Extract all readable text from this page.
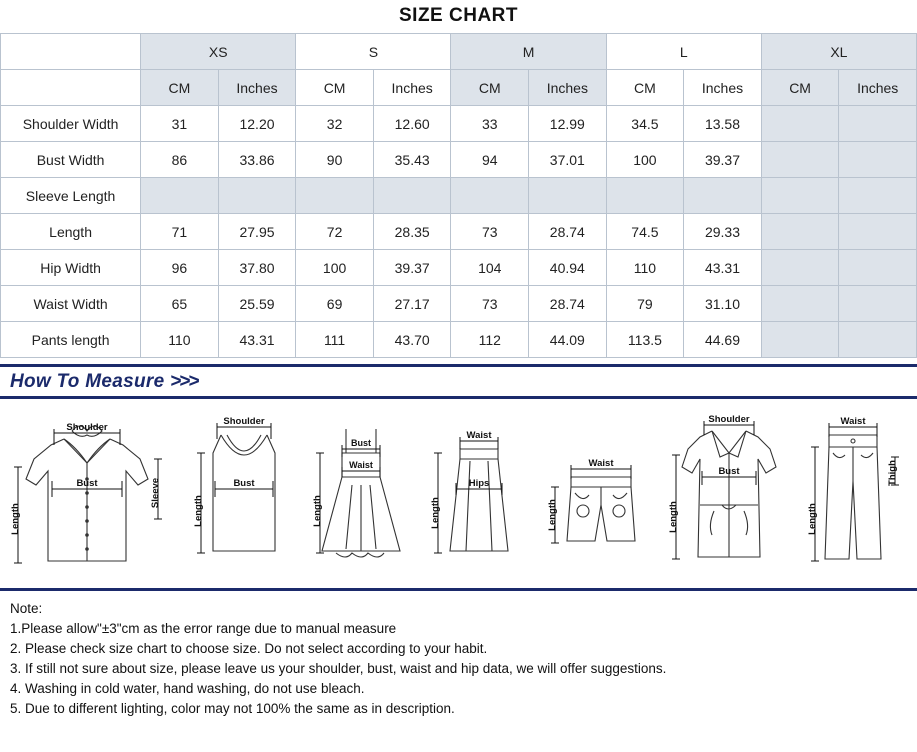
SIZE CHART
	XS		S		M		L		XL	
	CM	Inches	CM	Inches	CM	Inches	CM	Inches	CM	Inches
Shoulder Width	31	12.20	32	12.60	33	12.99	34.5	13.58		
Bust Width	86	33.86	90	35.43	94	37.01	100	39.37		
Sleeve Length										
Length	71	27.95	72	28.35	73	28.74	74.5	29.33		
Hip Width	96	37.80	100	39.37	104	40.94	110	43.31		
Waist Width	65	25.59	69	27.17	73	28.74	79	31.10		
Pants length	110	43.31	111	43.70	112	44.09	113.5	44.69		
How To Measure >>>
Shoulder
Bust	Sleeve
Length
Shoulder
Bust
Length
Bust
Waist
Length
Waist
Hips
Length
Waist
Length
Shoulder
Bust
Length
Waist
Thigh
Length
Note:
1.Please allow"±3"cm as the error range due to manual measure
2. Please check size chart to choose size. Do not select according to your habit.
3. If still not sure about size, please leave us your shoulder, bust, waist and hip data, we will offer suggestions.
4. Washing in cold water, hand washing, do not use bleach.
5. Due to different lighting, color may not 100% the same as in description.
